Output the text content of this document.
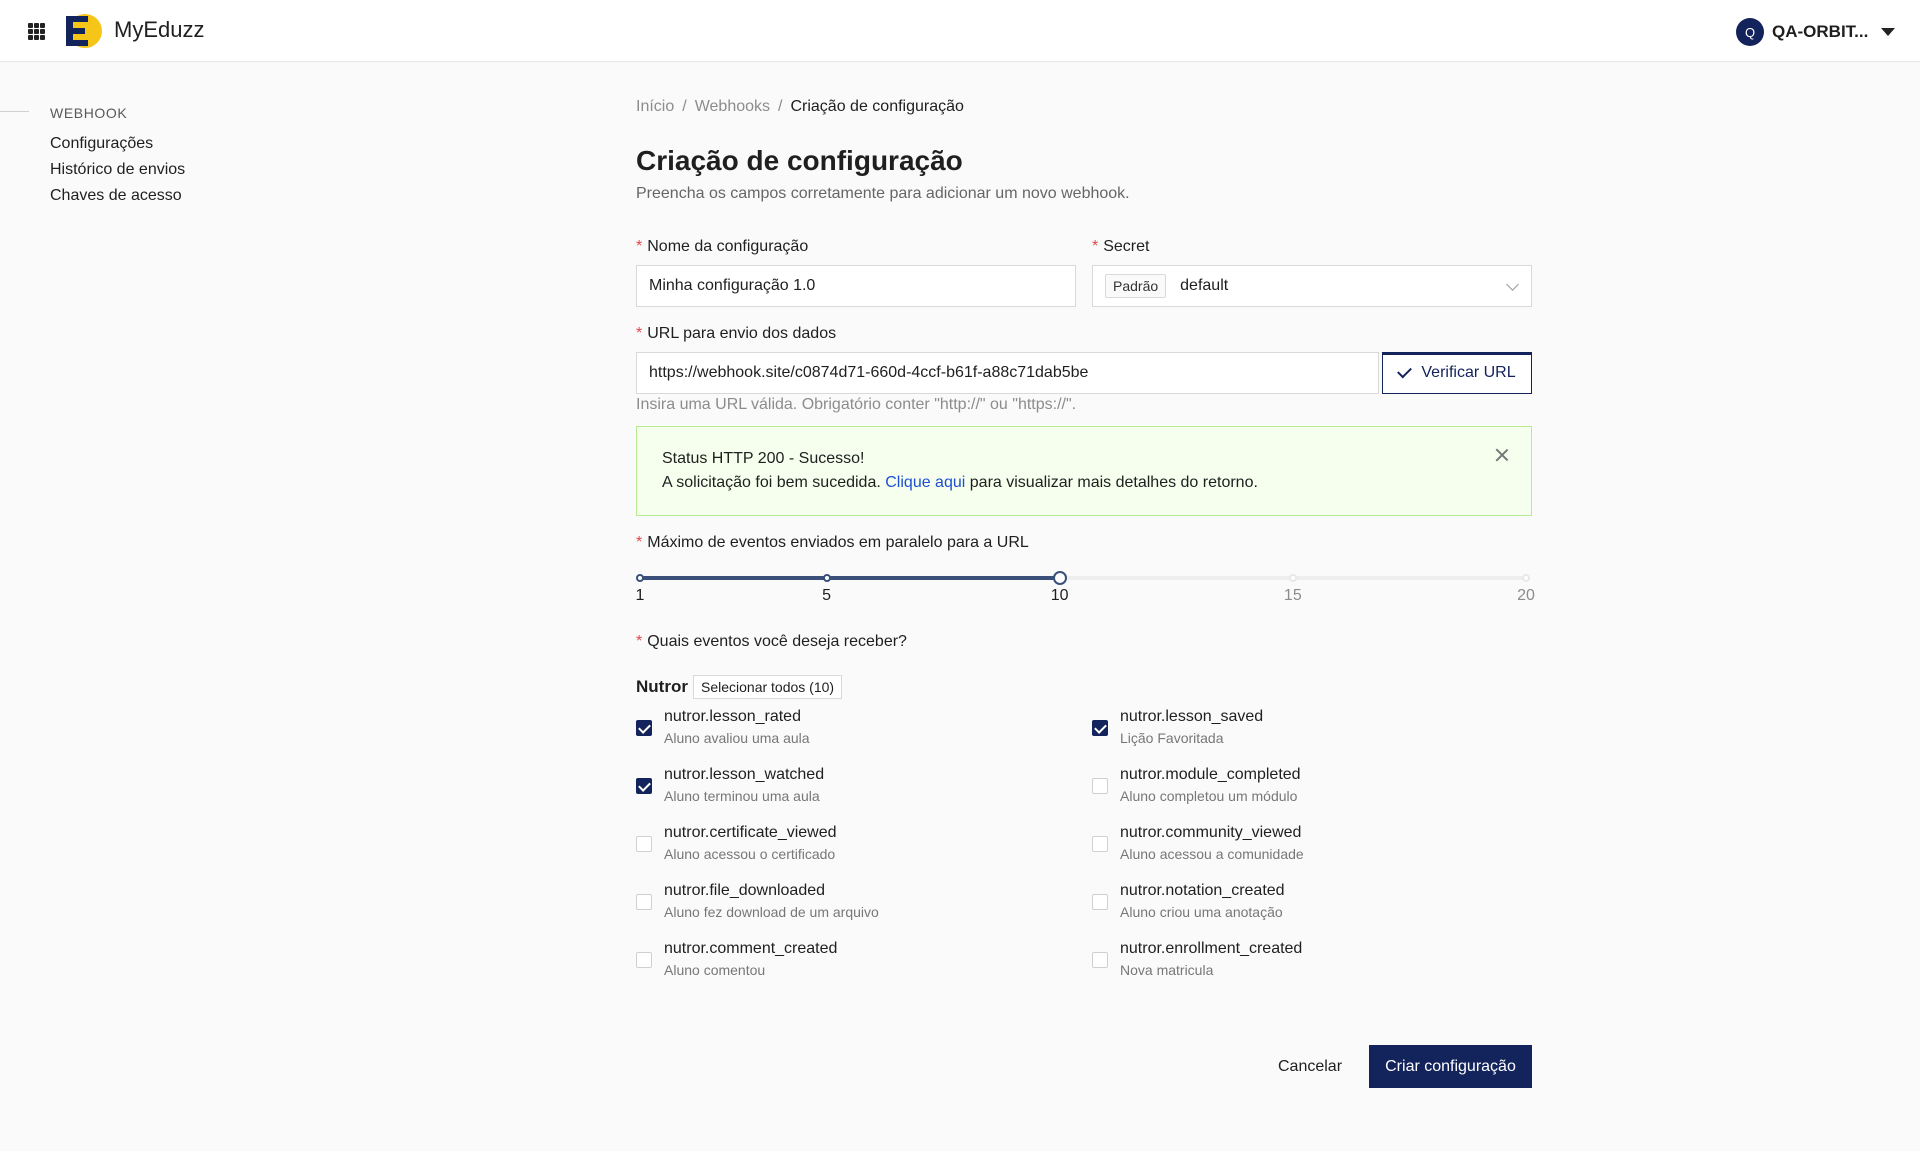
MyEduzz	Q QA-ORBIT...
WEBHOOK
Configurações
Histórico de envios
Chaves de acesso
Início / Webhooks / Criação de configuração
Criação de configuração
Preencha os campos corretamente para adicionar um novo webhook.
* Nome da configuração
Minha configuração 1.0
* Secret
Padrão	default
* URL para envio dos dados
https://webhook.site/c0874d71-660d-4ccf-b61f-a88c71dab5be	Verificar URL
Insira uma URL válida. Obrigatório conter "http://" ou "https://".
Status HTTP 200 - Sucesso!
A solicitação foi bem sucedida. Clique aqui para visualizar mais detalhes do retorno.
* Máximo de eventos enviados em paralelo para a URL
1	5	10	15	20
* Quais eventos você deseja receber?
Nutror Selecionar todos (10)
nutror.lesson_rated
Aluno avaliou uma aula
nutror.lesson_saved
Lição Favoritada
nutror.lesson_watched
Aluno terminou uma aula
nutror.module_completed
Aluno completou um módulo
nutror.certificate_viewed
Aluno acessou o certificado
nutror.community_viewed
Aluno acessou a comunidade
nutror.file_downloaded
Aluno fez download de um arquivo
nutror.notation_created
Aluno criou uma anotação
nutror.comment_created
Aluno comentou
nutror.enrollment_created
Nova matricula
Cancelar	Criar configuração
